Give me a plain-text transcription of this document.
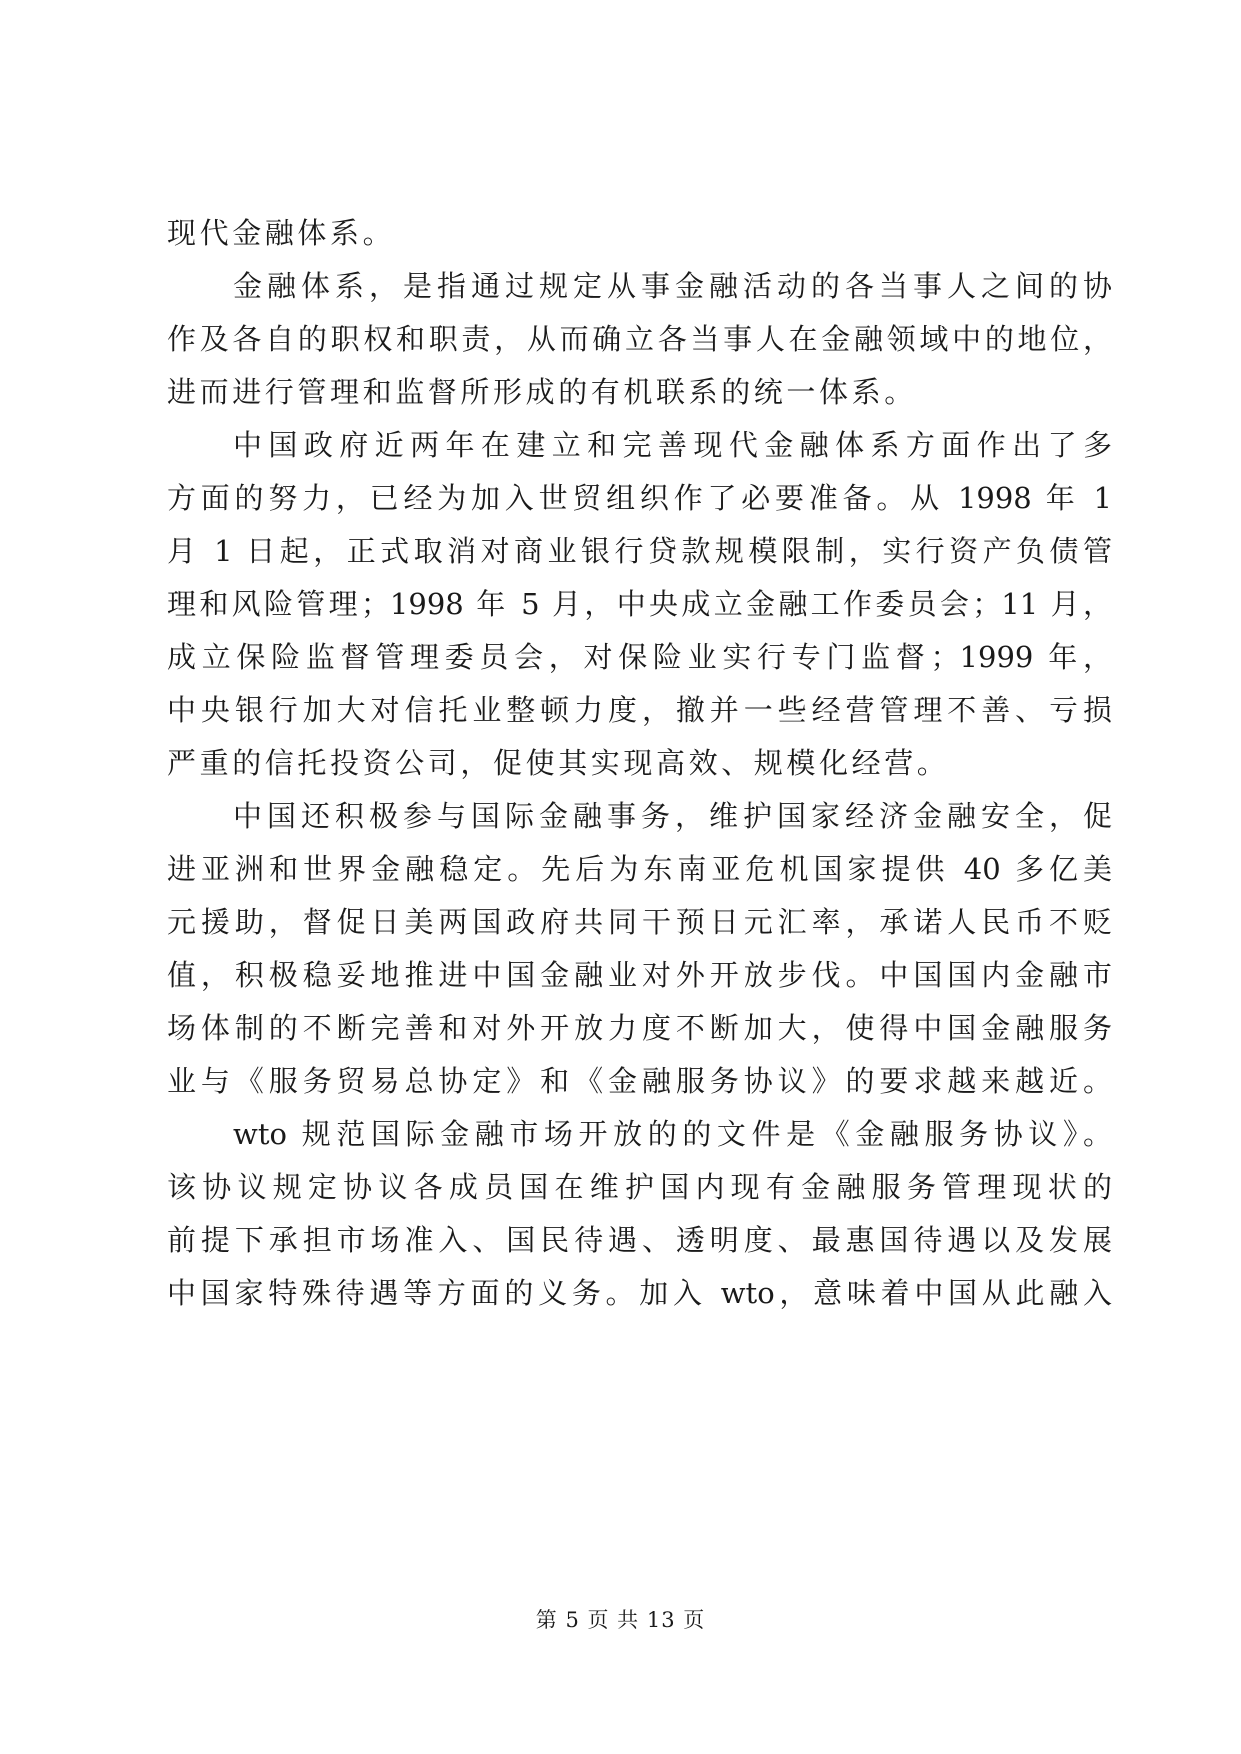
现代金融体系。
金融体系，是指通过规定从事金融活动的各当事人之间的协
作及各自的职权和职责，从而确立各当事人在金融领域中的地位，
进而进行管理和监督所形成的有机联系的统一体系。
中国政府近两年在建立和完善现代金融体系方面作出了多
方面的努力，已经为加入世贸组织作了必要准备。从 1998 年 1
月 1 日起，正式取消对商业银行贷款规模限制，实行资产负债管
理和风险管理；1998 年 5 月，中央成立金融工作委员会；11 月，
成立保险监督管理委员会，对保险业实行专门监督；1999 年，
中央银行加大对信托业整顿力度，撤并一些经营管理不善、亏损
严重的信托投资公司，促使其实现高效、规模化经营。
中国还积极参与国际金融事务，维护国家经济金融安全，促
进亚洲和世界金融稳定。先后为东南亚危机国家提供 40 多亿美
元援助，督促日美两国政府共同干预日元汇率，承诺人民币不贬
值，积极稳妥地推进中国金融业对外开放步伐。中国国内金融市
场体制的不断完善和对外开放力度不断加大，使得中国金融服务
业与《服务贸易总协定》和《金融服务协议》的要求越来越近。
wto 规范国际金融市场开放的的文件是《金融服务协议》。
该协议规定协议各成员国在维护国内现有金融服务管理现状的
前提下承担市场准入、国民待遇、透明度、最惠国待遇以及发展
中国家特殊待遇等方面的义务。加入 wto，意味着中国从此融入
第 5 页 共 13 页
